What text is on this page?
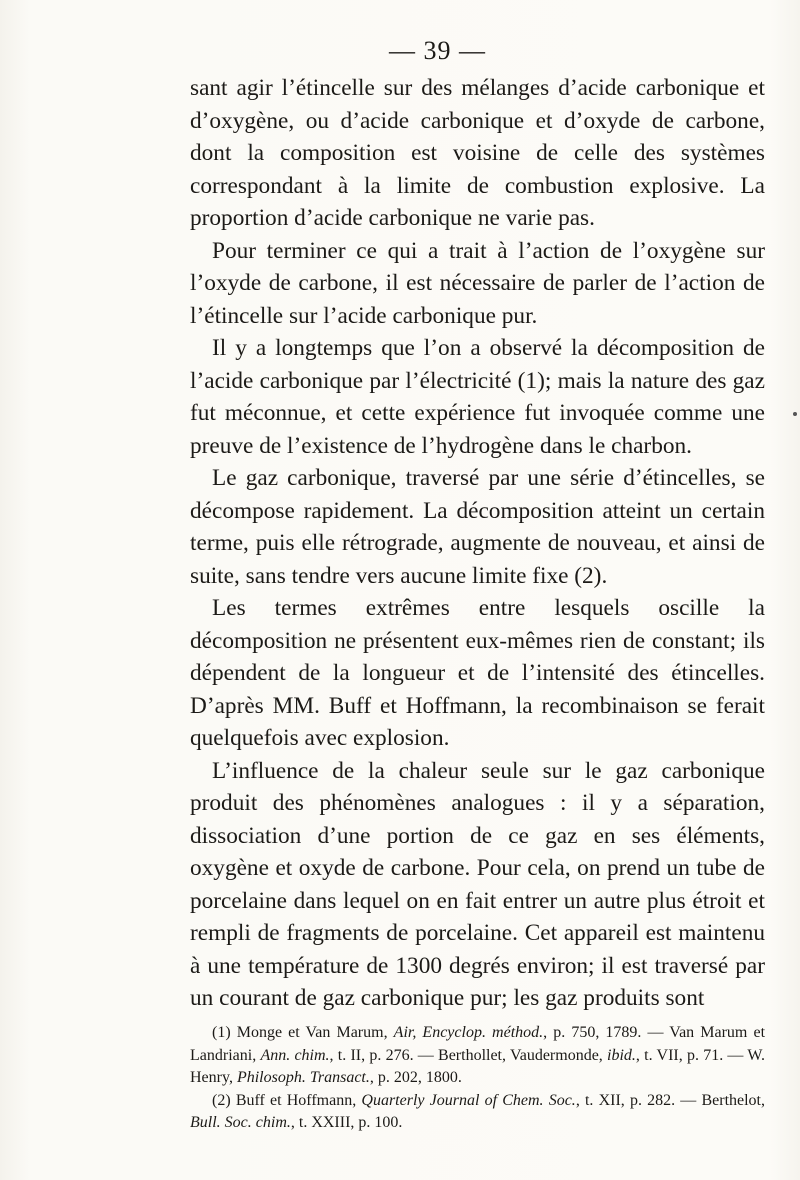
— 39 —

sant agir l’étincelle sur des mélanges d’acide carbonique et d’oxygène, ou d’acide carbonique et d’oxyde de carbone, dont la composition est voisine de celle des systèmes correspondant à la limite de combustion explosive. La proportion d’acide carbonique ne varie pas.

Pour terminer ce qui a trait à l’action de l’oxygène sur l’oxyde de carbone, il est nécessaire de parler de l’action de l’étincelle sur l’acide carbonique pur.

Il y a longtemps que l’on a observé la décomposition de l’acide carbonique par l’électricité (1); mais la nature des gaz fut méconnue, et cette expérience fut invoquée comme une preuve de l’existence de l’hydrogène dans le charbon.

Le gaz carbonique, traversé par une série d’étincelles, se décompose rapidement. La décomposition atteint un certain terme, puis elle rétrograde, augmente de nouveau, et ainsi de suite, sans tendre vers aucune limite fixe (2).

Les termes extrêmes entre lesquels oscille la décomposition ne présentent eux-mêmes rien de constant; ils dépendent de la longueur et de l’intensité des étincelles. D’après MM. Buff et Hoffmann, la recombinaison se ferait quelquefois avec explosion.

L’influence de la chaleur seule sur le gaz carbonique produit des phénomènes analogues : il y a séparation, dissociation d’une portion de ce gaz en ses éléments, oxygène et oxyde de carbone. Pour cela, on prend un tube de porcelaine dans lequel on en fait entrer un autre plus étroit et rempli de fragments de porcelaine. Cet appareil est maintenu à une température de 1300 degrés environ; il est traversé par un courant de gaz carbonique pur; les gaz produits sont

(1) Monge et Van Marum, Air, Encyclop. méthod., p. 750, 1789. — Van Marum et Landriani, Ann. chim., t. II, p. 276. — Berthollet, Vaudermonde, ibid., t. VII, p. 71. — W. Henry, Philosoph. Transact., p. 202, 1800.

(2) Buff et Hoffmann, Quarterly Journal of Chem. Soc., t. XII, p. 282. — Berthelot, Bull. Soc. chim., t. XXIII, p. 100.
